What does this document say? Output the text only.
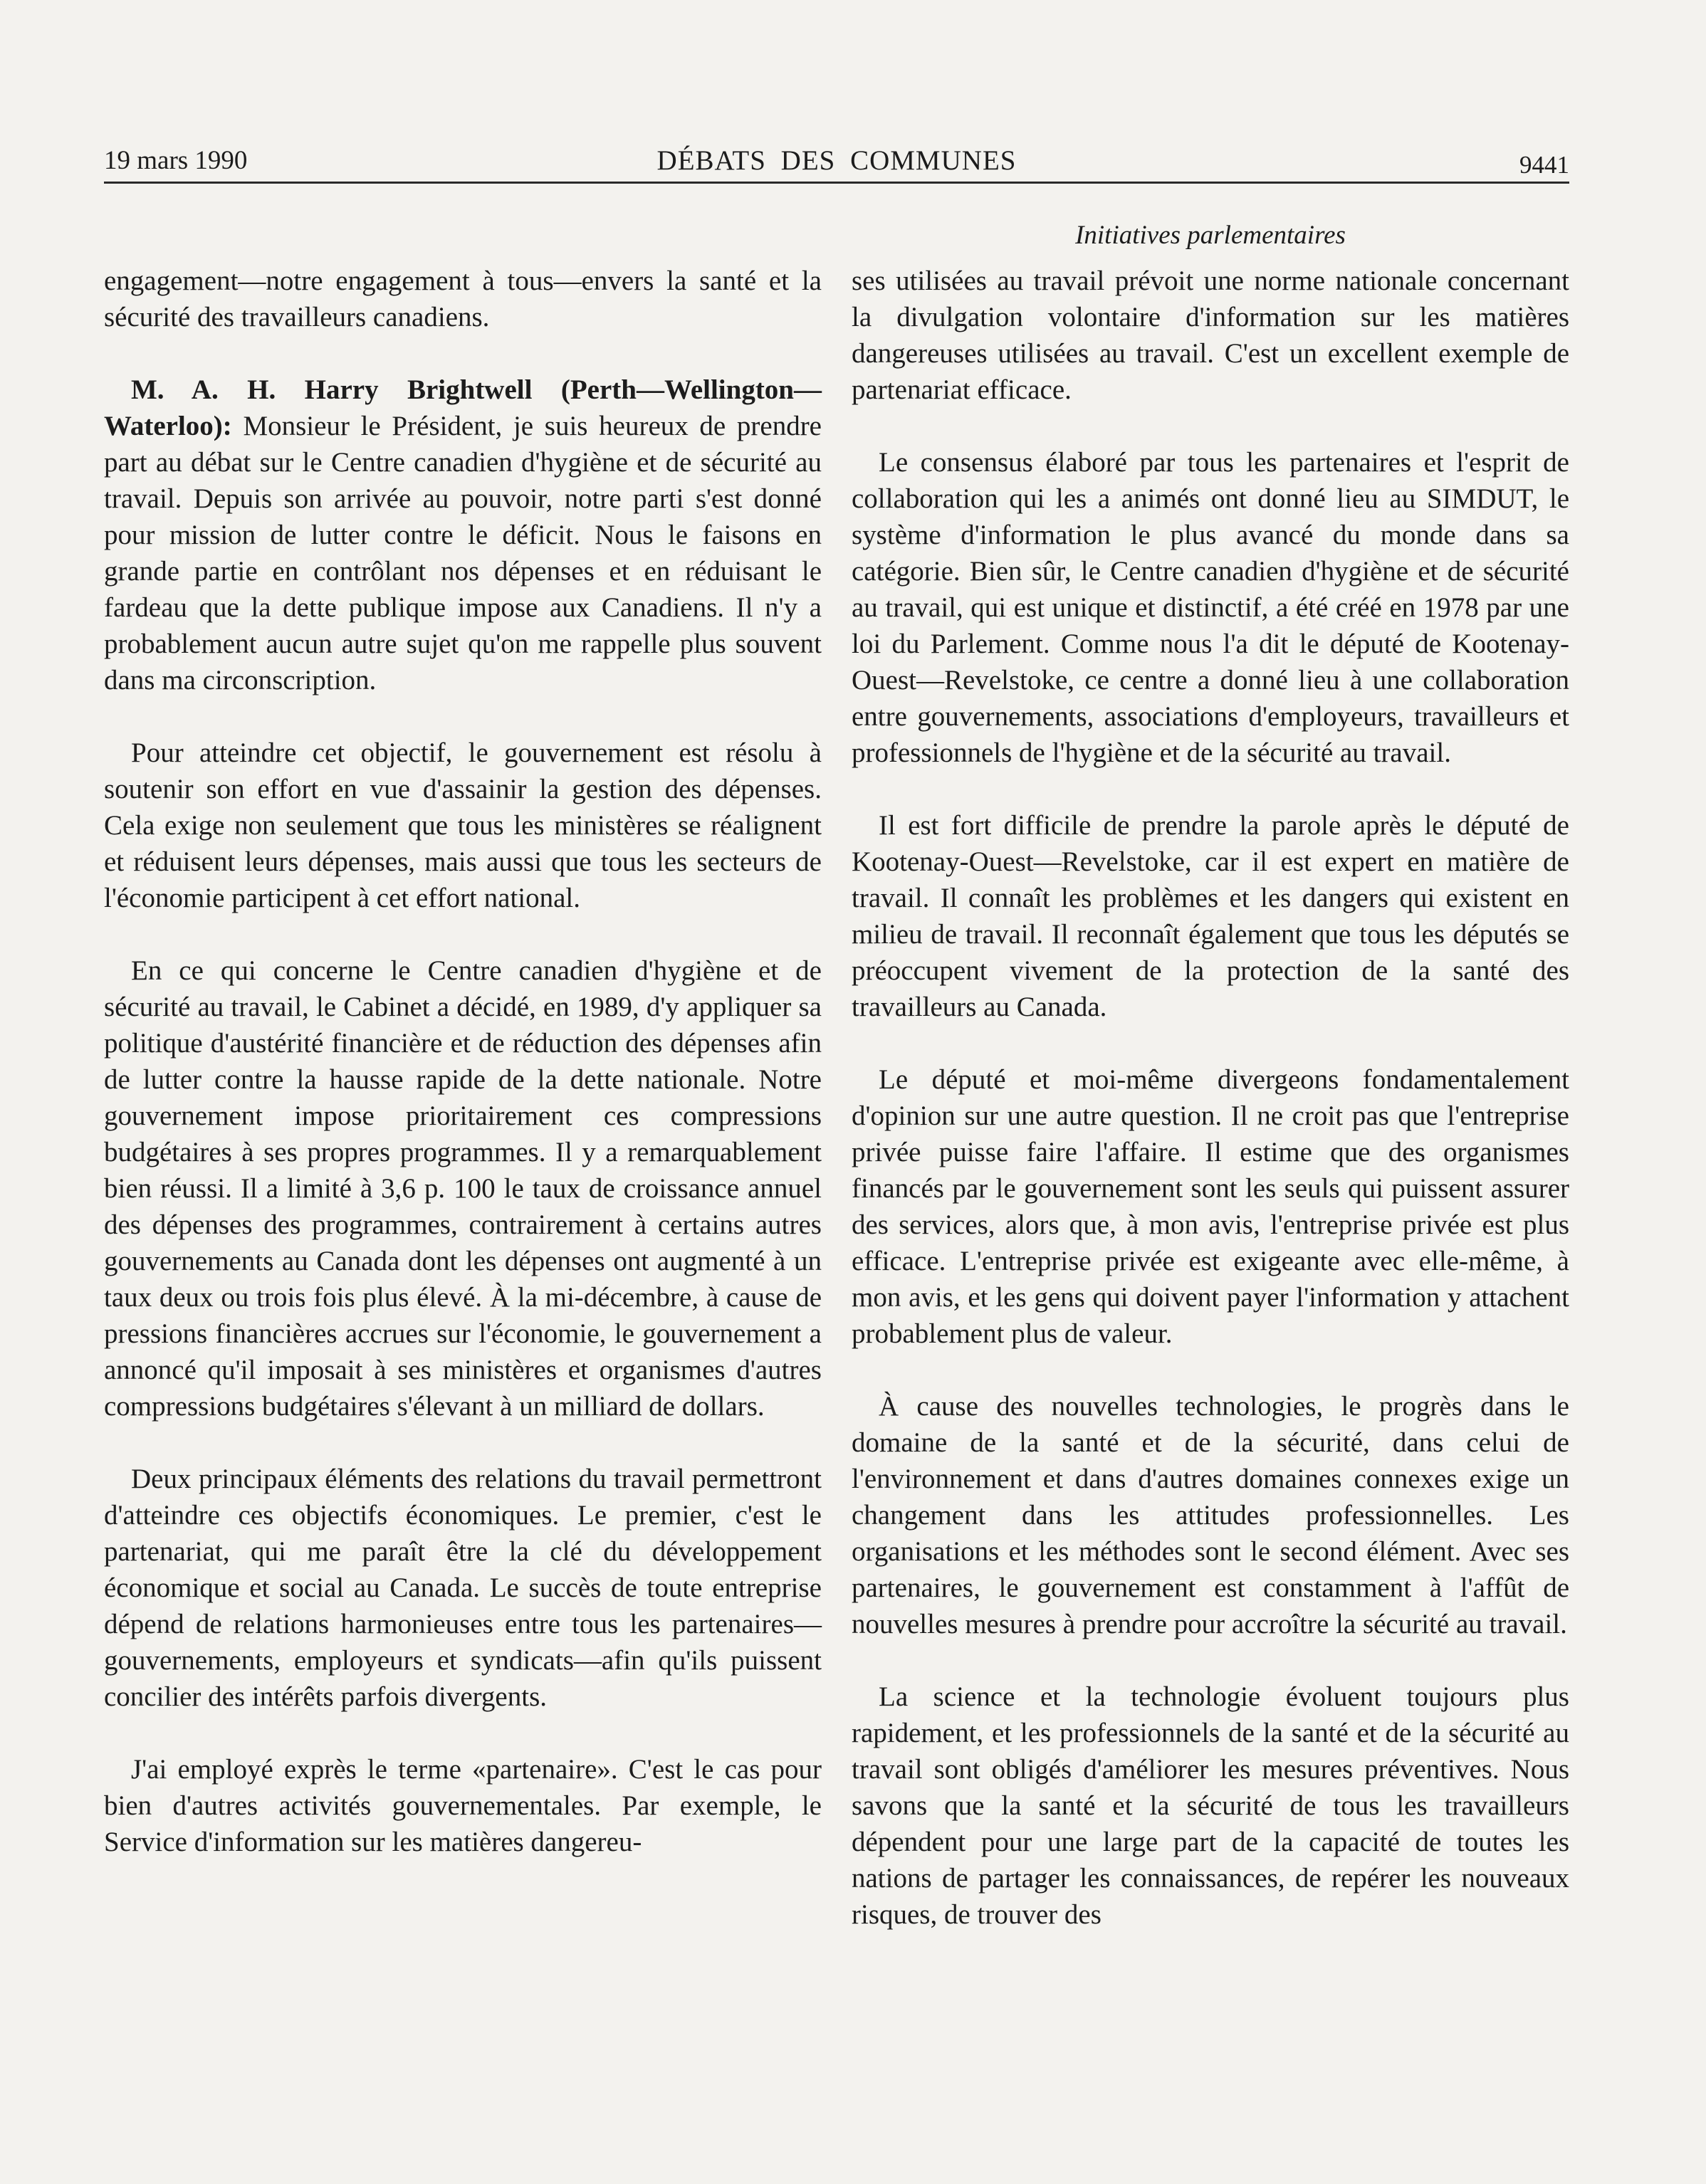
19 mars 1990	DÉBATS DES COMMUNES	9441
Initiatives parlementaires

engagement—notre engagement à tous—envers la santé et la sécurité des travailleurs canadiens.

M. A. H. Harry Brightwell (Perth—Wellington—Waterloo): Monsieur le Président, je suis heureux de prendre part au débat sur le Centre canadien d'hygiène et de sécurité au travail. Depuis son arrivée au pouvoir, notre parti s'est donné pour mission de lutter contre le déficit. Nous le faisons en grande partie en contrôlant nos dépenses et en réduisant le fardeau que la dette publique impose aux Canadiens. Il n'y a probablement aucun autre sujet qu'on me rappelle plus souvent dans ma circonscription.

Pour atteindre cet objectif, le gouvernement est résolu à soutenir son effort en vue d'assainir la gestion des dépenses. Cela exige non seulement que tous les ministères se réalignent et réduisent leurs dépenses, mais aussi que tous les secteurs de l'économie participent à cet effort national.

En ce qui concerne le Centre canadien d'hygiène et de sécurité au travail, le Cabinet a décidé, en 1989, d'y appliquer sa politique d'austérité financière et de réduction des dépenses afin de lutter contre la hausse rapide de la dette nationale. Notre gouvernement impose prioritairement ces compressions budgétaires à ses propres programmes. Il y a remarquablement bien réussi. Il a limité à 3,6 p. 100 le taux de croissance annuel des dépenses des programmes, contrairement à certains autres gouvernements au Canada dont les dépenses ont augmenté à un taux deux ou trois fois plus élevé. À la mi-décembre, à cause de pressions financières accrues sur l'économie, le gouvernement a annoncé qu'il imposait à ses ministères et organismes d'autres compressions budgétaires s'élevant à un milliard de dollars.

Deux principaux éléments des relations du travail permettront d'atteindre ces objectifs économiques. Le premier, c'est le partenariat, qui me paraît être la clé du développement économique et social au Canada. Le succès de toute entreprise dépend de relations harmonieuses entre tous les partenaires—gouvernements, employeurs et syndicats—afin qu'ils puissent concilier des intérêts parfois divergents.

J'ai employé exprès le terme «partenaire». C'est le cas pour bien d'autres activités gouvernementales. Par exemple, le Service d'information sur les matières dangereu-

ses utilisées au travail prévoit une norme nationale concernant la divulgation volontaire d'information sur les matières dangereuses utilisées au travail. C'est un excellent exemple de partenariat efficace.

Le consensus élaboré par tous les partenaires et l'esprit de collaboration qui les a animés ont donné lieu au SIMDUT, le système d'information le plus avancé du monde dans sa catégorie. Bien sûr, le Centre canadien d'hygiène et de sécurité au travail, qui est unique et distinctif, a été créé en 1978 par une loi du Parlement. Comme nous l'a dit le député de Kootenay-Ouest—Revelstoke, ce centre a donné lieu à une collaboration entre gouvernements, associations d'employeurs, travailleurs et professionnels de l'hygiène et de la sécurité au travail.

Il est fort difficile de prendre la parole après le député de Kootenay-Ouest—Revelstoke, car il est expert en matière de travail. Il connaît les problèmes et les dangers qui existent en milieu de travail. Il reconnaît également que tous les députés se préoccupent vivement de la protection de la santé des travailleurs au Canada.

Le député et moi-même divergeons fondamentalement d'opinion sur une autre question. Il ne croit pas que l'entreprise privée puisse faire l'affaire. Il estime que des organismes financés par le gouvernement sont les seuls qui puissent assurer des services, alors que, à mon avis, l'entreprise privée est plus efficace. L'entreprise privée est exigeante avec elle-même, à mon avis, et les gens qui doivent payer l'information y attachent probablement plus de valeur.

À cause des nouvelles technologies, le progrès dans le domaine de la santé et de la sécurité, dans celui de l'environnement et dans d'autres domaines connexes exige un changement dans les attitudes professionnelles. Les organisations et les méthodes sont le second élément. Avec ses partenaires, le gouvernement est constamment à l'affût de nouvelles mesures à prendre pour accroître la sécurité au travail.

La science et la technologie évoluent toujours plus rapidement, et les professionnels de la santé et de la sécurité au travail sont obligés d'améliorer les mesures préventives. Nous savons que la santé et la sécurité de tous les travailleurs dépendent pour une large part de la capacité de toutes les nations de partager les connaissances, de repérer les nouveaux risques, de trouver des
